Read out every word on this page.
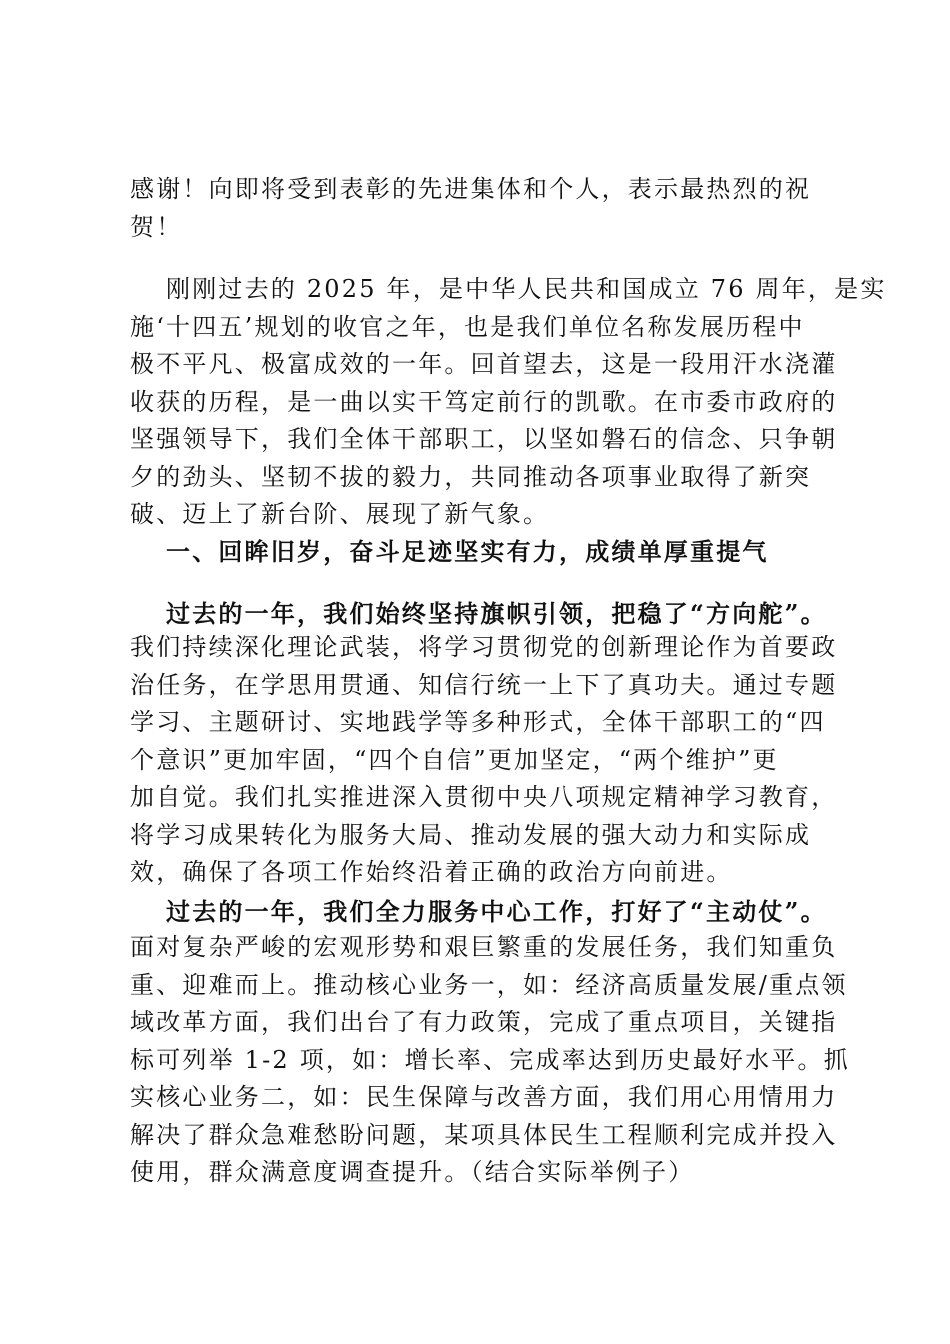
感谢！向即将受到表彰的先进集体和个人，表示最热烈的祝
贺！
刚刚过去的 2025 年，是中华人民共和国成立 76 周年，是实
施‘十四五’规划的收官之年，也是我们单位名称发展历程中
极不平凡、极富成效的一年。回首望去，这是一段用汗水浇灌
收获的历程，是一曲以实干笃定前行的凯歌。在市委市政府的
坚强领导下，我们全体干部职工，以坚如磐石的信念、只争朝
夕的劲头、坚韧不拔的毅力，共同推动各项事业取得了新突
破、迈上了新台阶、展现了新气象。
一、回眸旧岁，奋斗足迹坚实有力，成绩单厚重提气
过去的一年，我们始终坚持旗帜引领，把稳了“方向舵”。
我们持续深化理论武装，将学习贯彻党的创新理论作为首要政
治任务，在学思用贯通、知信行统一上下了真功夫。通过专题
学习、主题研讨、实地践学等多种形式，全体干部职工的“四
个意识”更加牢固，“四个自信”更加坚定，“两个维护”更
加自觉。我们扎实推进深入贯彻中央八项规定精神学习教育，
将学习成果转化为服务大局、推动发展的强大动力和实际成
效，确保了各项工作始终沿着正确的政治方向前进。
过去的一年，我们全力服务中心工作，打好了“主动仗”。
面对复杂严峻的宏观形势和艰巨繁重的发展任务，我们知重负
重、迎难而上。推动核心业务一，如：经济高质量发展/重点领
域改革方面，我们出台了有力政策，完成了重点项目，关键指
标可列举 1-2 项，如：增长率、完成率达到历史最好水平。抓
实核心业务二，如：民生保障与改善方面，我们用心用情用力
解决了群众急难愁盼问题，某项具体民生工程顺利完成并投入
使用，群众满意度调查提升。（结合实际举例子）
